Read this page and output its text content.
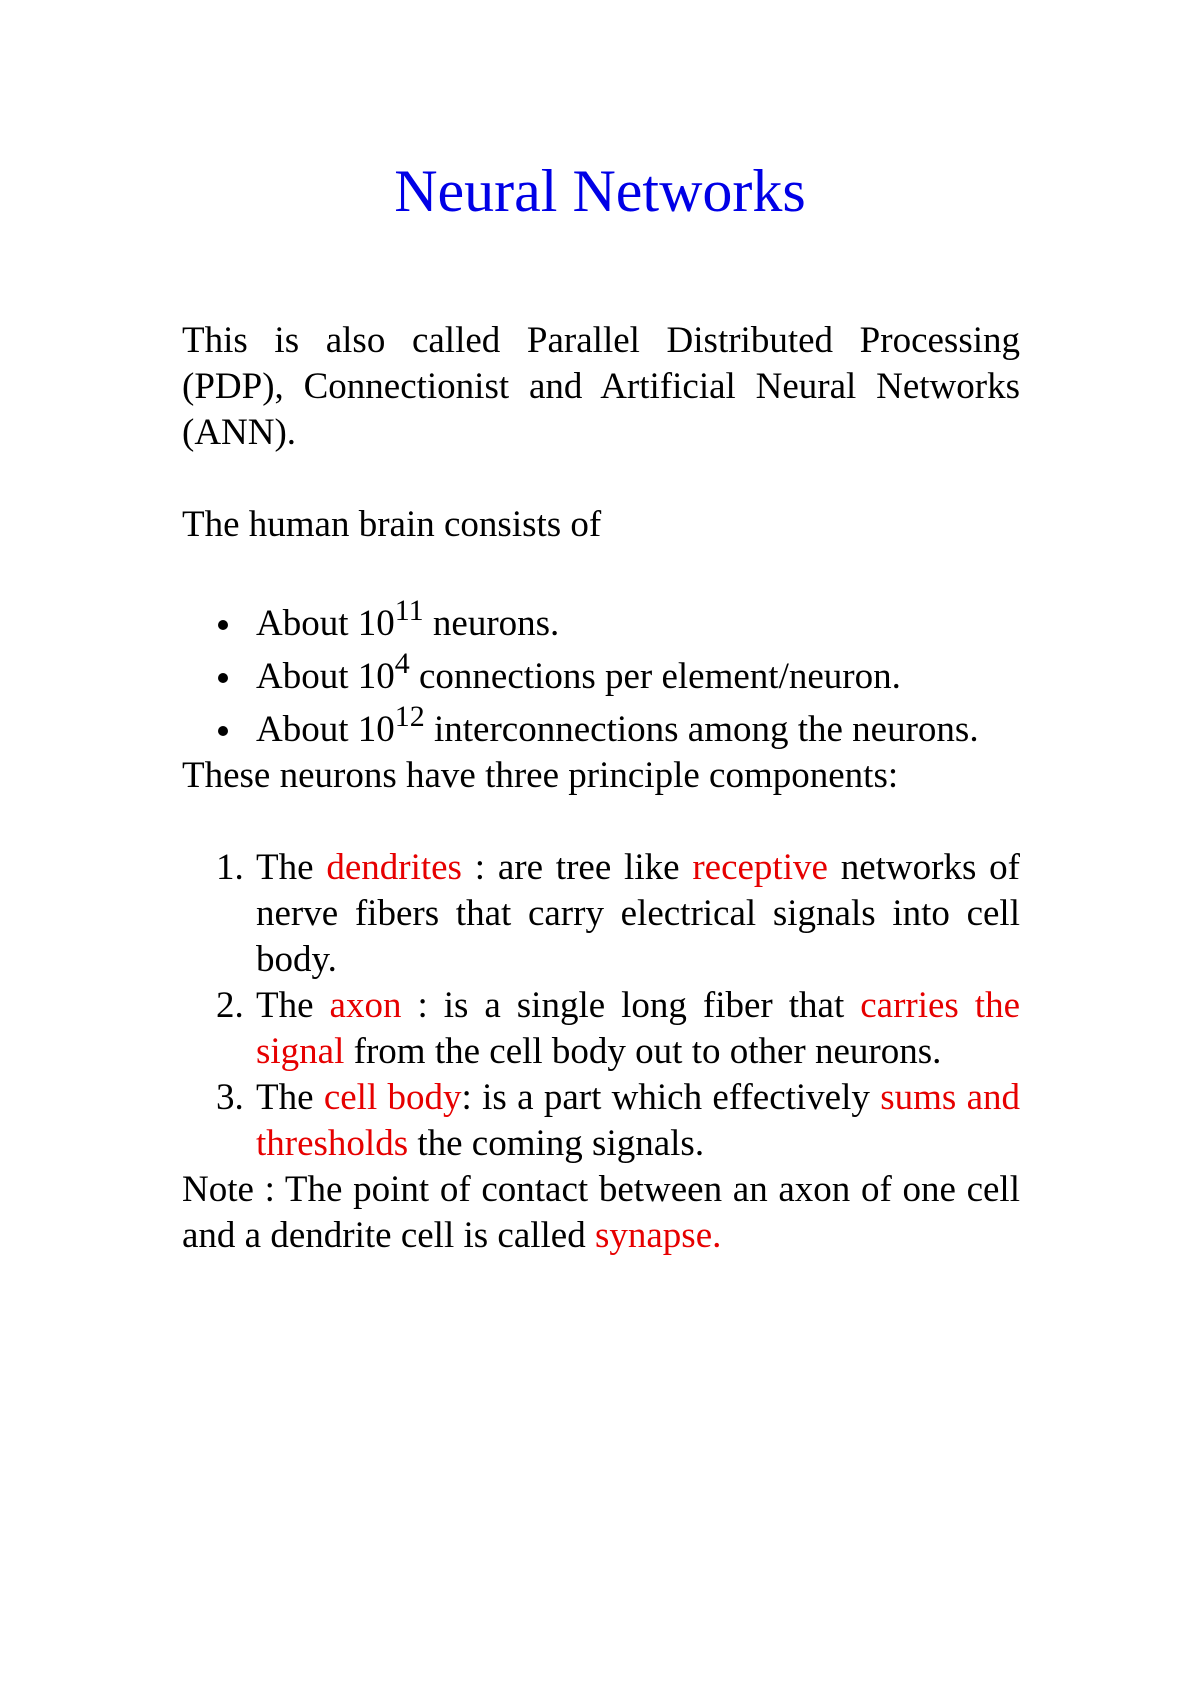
Neural Networks

This is also called Parallel Distributed Processing (PDP), Connectionist and Artificial Neural Networks (ANN).

The human brain consists of

About $10^{11}$ neurons.
About $10^4$ connections per element/neuron.
About $10^{12}$ interconnections among the neurons.

These neurons have three principle components:

1. The dendrites : are tree like receptive networks of nerve fibers that carry electrical signals into cell body.
2. The axon : is a single long fiber that carries the signal from the cell body out to other neurons.
3. The cell body: is a part which effectively sums and thresholds the coming signals.

Note : The point of contact between an axon of one cell and a dendrite cell is called synapse.
